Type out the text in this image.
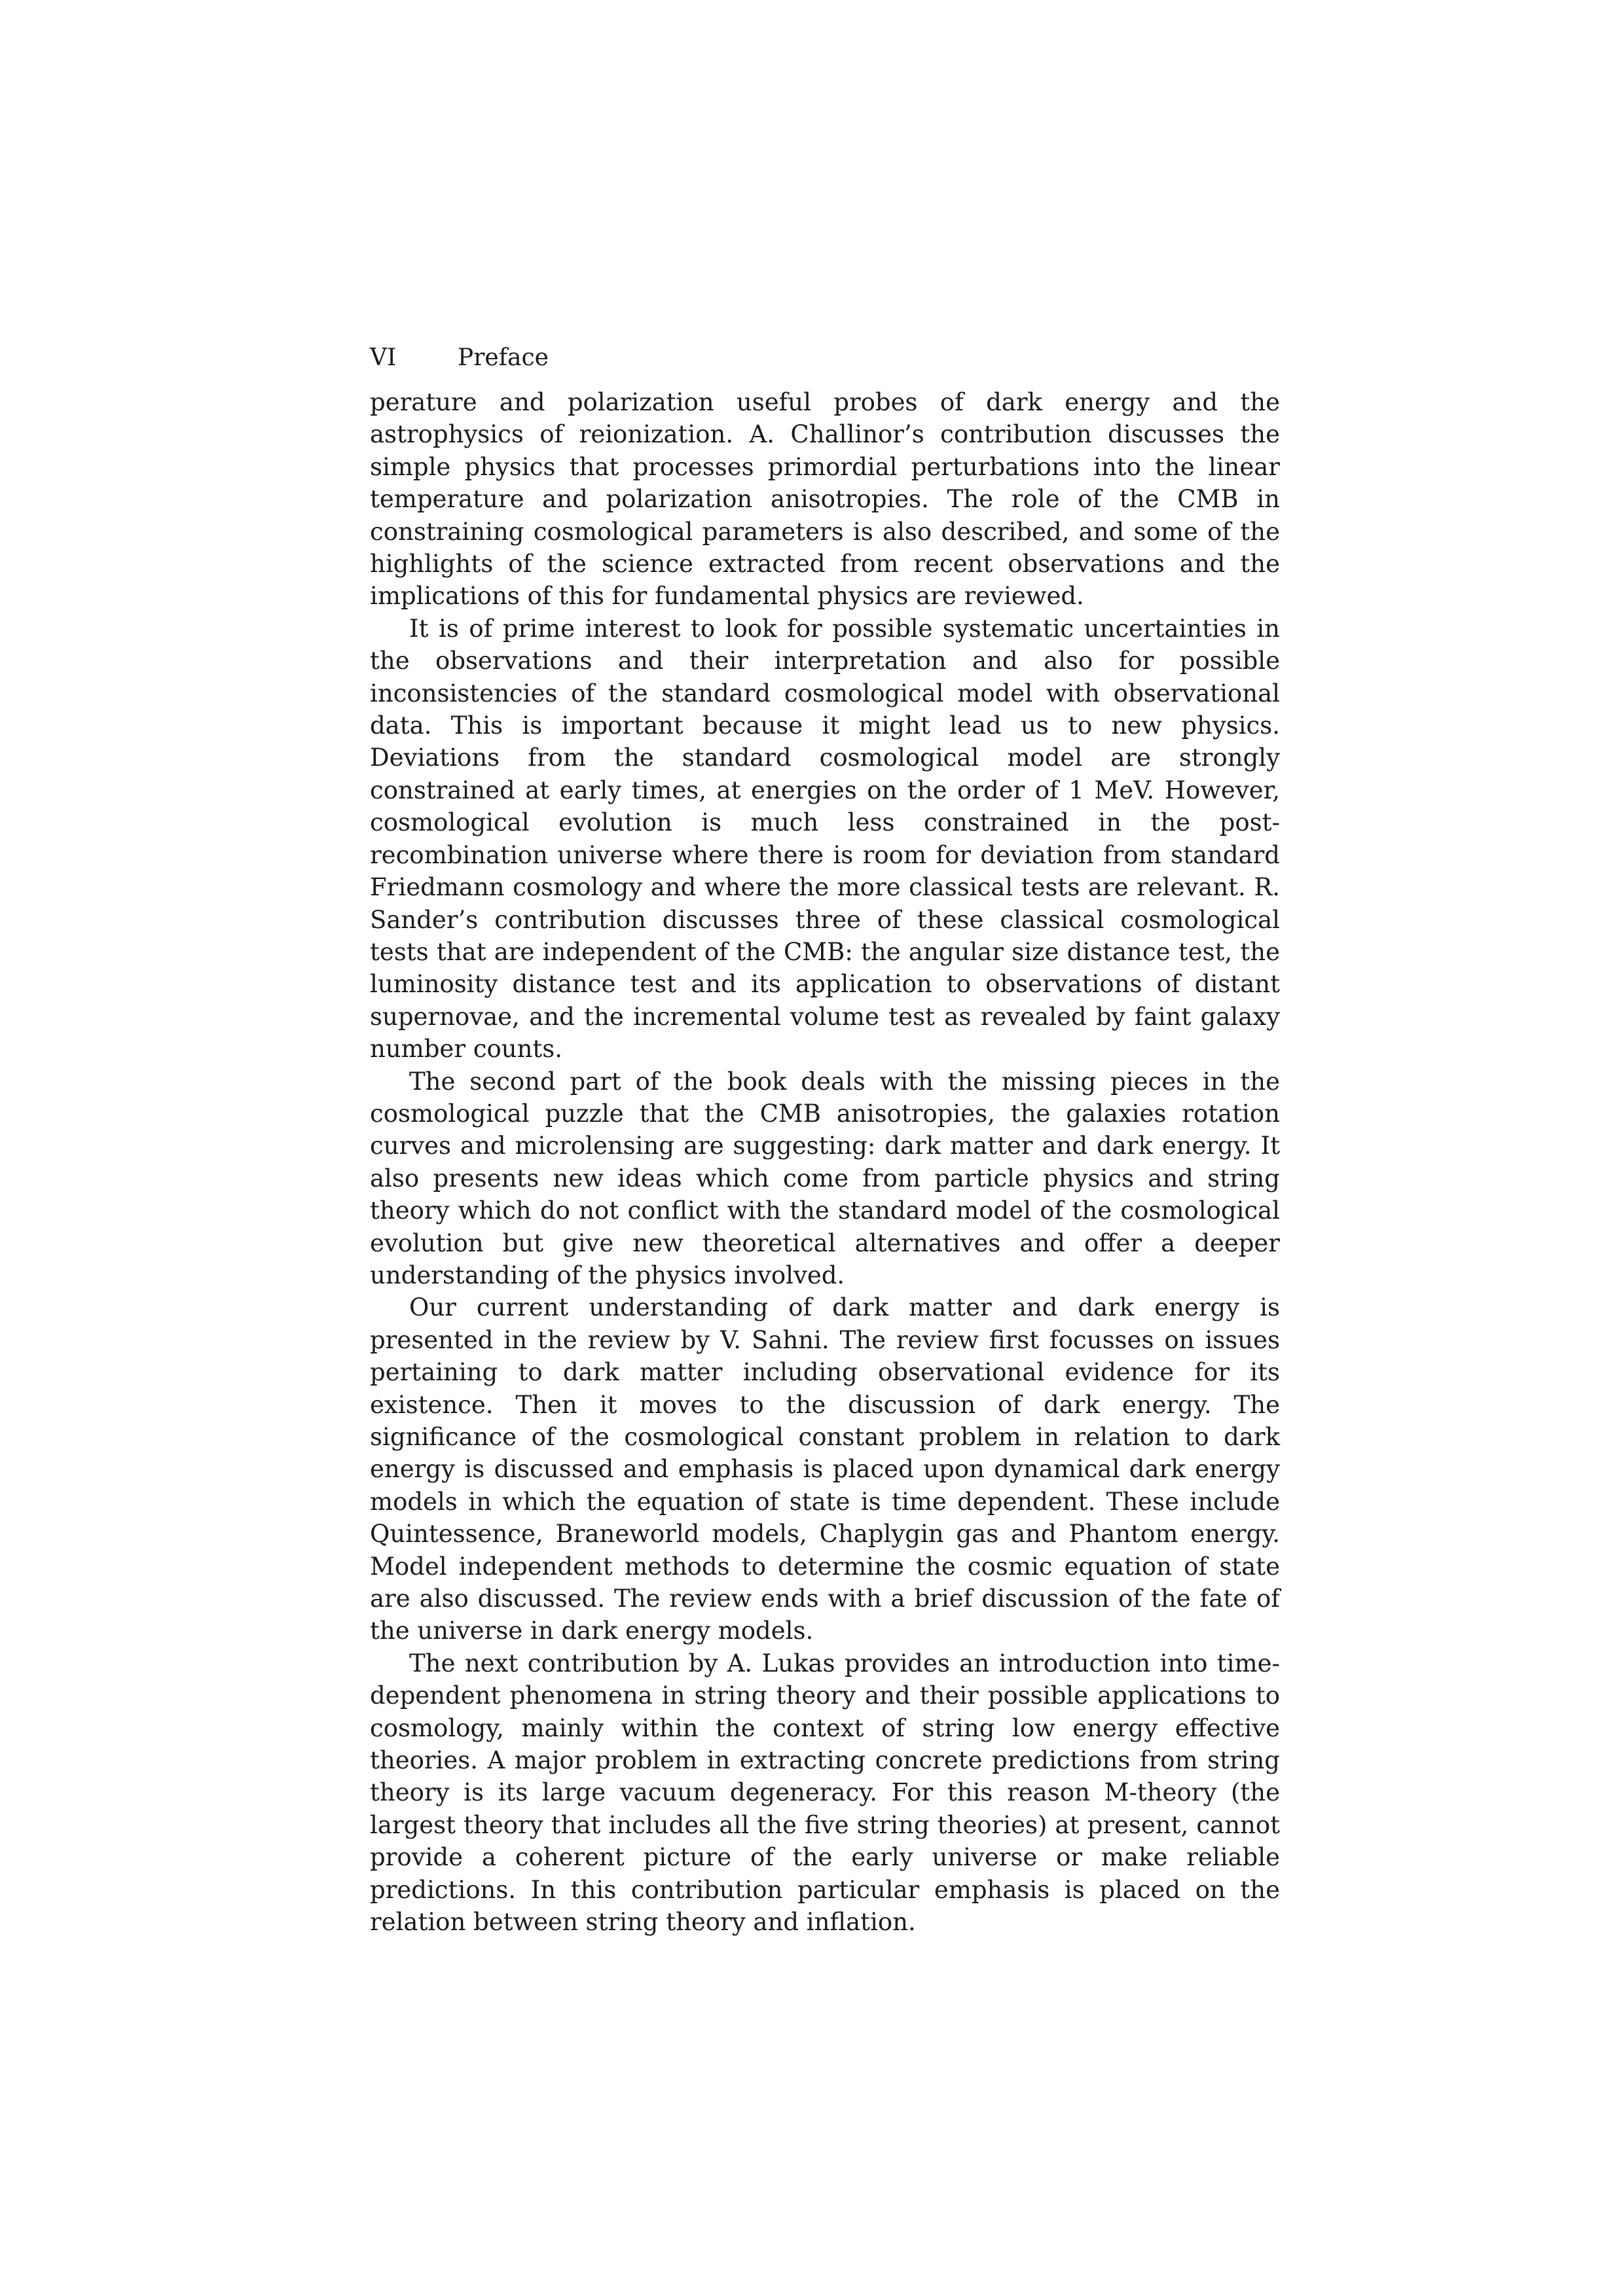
VI	Preface

perature and polarization useful probes of dark energy and the astrophysics of reionization. A. Challinor’s contribution discusses the simple physics that processes primordial perturbations into the linear temperature and polarization anisotropies. The role of the CMB in constraining cosmological parameters is also described, and some of the highlights of the science extracted from recent observations and the implications of this for fundamental physics are reviewed.

It is of prime interest to look for possible systematic uncertainties in the observations and their interpretation and also for possible inconsistencies of the standard cosmological model with observational data. This is important because it might lead us to new physics. Deviations from the standard cosmological model are strongly constrained at early times, at energies on the order of 1 MeV. However, cosmological evolution is much less constrained in the post-recombination universe where there is room for deviation from standard Friedmann cosmology and where the more classical tests are relevant. R. Sander’s contribution discusses three of these classical cosmological tests that are independent of the CMB: the angular size distance test, the luminosity distance test and its application to observations of distant supernovae, and the incremental volume test as revealed by faint galaxy number counts.

The second part of the book deals with the missing pieces in the cosmological puzzle that the CMB anisotropies, the galaxies rotation curves and microlensing are suggesting: dark matter and dark energy. It also presents new ideas which come from particle physics and string theory which do not conflict with the standard model of the cosmological evolution but give new theoretical alternatives and offer a deeper understanding of the physics involved.

Our current understanding of dark matter and dark energy is presented in the review by V. Sahni. The review first focusses on issues pertaining to dark matter including observational evidence for its existence. Then it moves to the discussion of dark energy. The significance of the cosmological constant problem in relation to dark energy is discussed and emphasis is placed upon dynamical dark energy models in which the equation of state is time dependent. These include Quintessence, Braneworld models, Chaplygin gas and Phantom energy. Model independent methods to determine the cosmic equation of state are also discussed. The review ends with a brief discussion of the fate of the universe in dark energy models.

The next contribution by A. Lukas provides an introduction into time-dependent phenomena in string theory and their possible applications to cosmology, mainly within the context of string low energy effective theories. A major problem in extracting concrete predictions from string theory is its large vacuum degeneracy. For this reason M-theory (the largest theory that includes all the five string theories) at present, cannot provide a coherent picture of the early universe or make reliable predictions. In this contribution particular emphasis is placed on the relation between string theory and inflation.
